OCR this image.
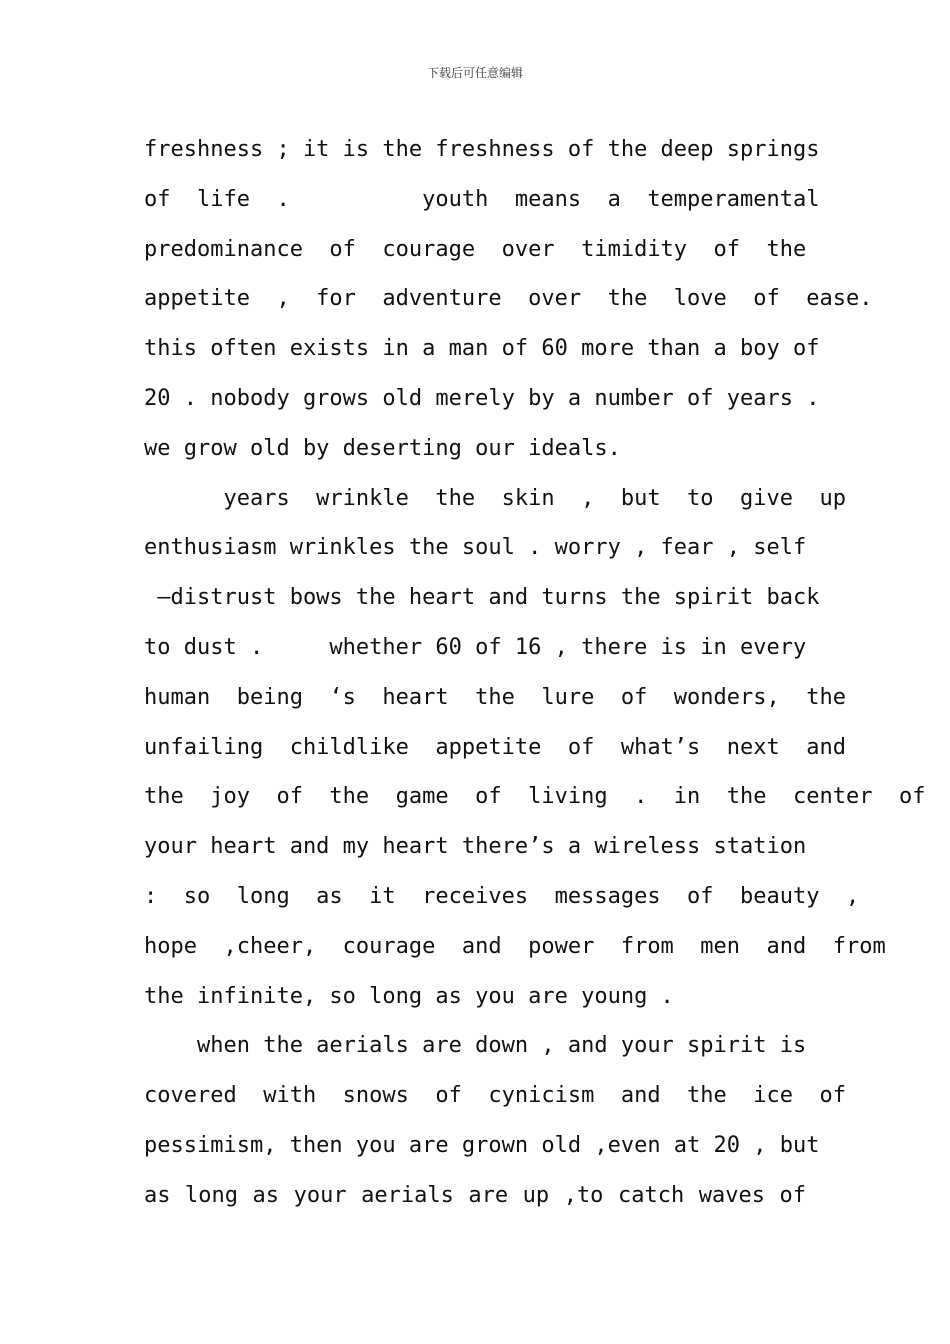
下载后可任意编辑
freshness ; it is the freshness of the deep springs
of  life  .          youth  means  a  temperamental
predominance  of  courage  over  timidity  of  the
appetite  ,  for  adventure  over  the  love  of  ease.
this often exists in a man of 60 more than a boy of
20 . nobody grows old merely by a number of years .
we grow old by deserting our ideals.
years  wrinkle  the  skin  ,  but  to  give  up
enthusiasm wrinkles the soul . worry , fear , self
–distrust bows the heart and turns the spirit back
to dust .     whether 60 of 16 , there is in every
human  being  ‘s  heart  the  lure  of  wonders,  the
unfailing  childlike  appetite  of  what’s  next  and
the  joy  of  the  game  of  living  .  in  the  center  of
your heart and my heart there’s a wireless station
:  so  long  as  it  receives  messages  of  beauty  ,
hope  ,cheer,  courage  and  power  from  men  and  from
the infinite, so long as you are young .
when the aerials are down , and your spirit is
covered  with  snows  of  cynicism  and  the  ice  of
pessimism, then you are grown old ,even at 20 , but
as long as your aerials are up ,to catch waves of
